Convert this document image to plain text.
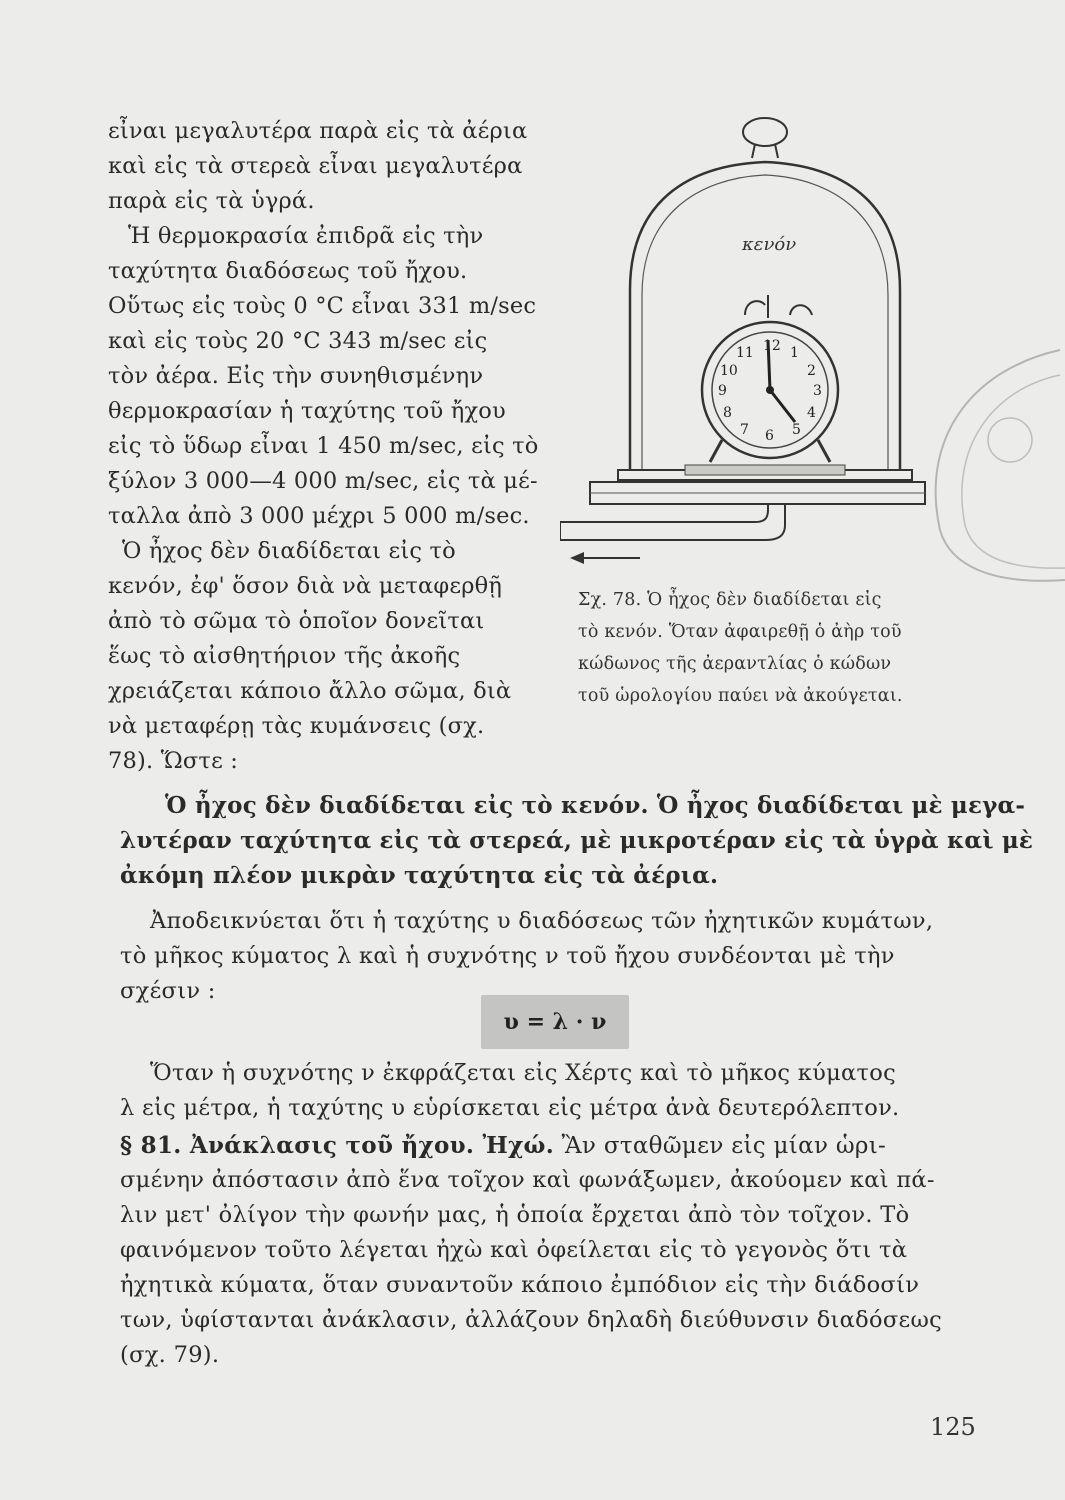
εἶναι μεγαλυτέρα παρὰ εἰς τὰ ἀέρια
καὶ εἰς τὰ στερεὰ εἶναι μεγαλυτέρα
παρὰ εἰς τὰ ὑγρά.
Ἡ θερμοκρασία ἐπιδρᾶ εἰς τὴν
ταχύτητα διαδόσεως τοῦ ἤχου.
Οὕτως εἰς τοὺς 0 °C εἶναι 331 m/sec
καὶ εἰς τοὺς 20 °C 343 m/sec εἰς
τὸν ἀέρα. Εἰς τὴν συνηθισμένην
θερμοκρασίαν ἡ ταχύτης τοῦ ἤχου
εἰς τὸ ὕδωρ εἶναι 1 450 m/sec, εἰς τὸ
ξύλον 3 000—4 000 m/sec, εἰς τὰ μέ-
ταλλα ἀπὸ 3 000 μέχρι 5 000 m/sec.
Ὁ ἦχος δὲν διαδίδεται εἰς τὸ
κενόν, ἐφ' ὅσον διὰ νὰ μεταφερθῇ
ἀπὸ τὸ σῶμα τὸ ὁποῖον δονεῖται
ἕως τὸ αἰσθητήριον τῆς ἀκοῆς
χρειάζεται κάποιο ἄλλο σῶμα, διὰ
νὰ μεταφέρῃ τὰς κυμάνσεις (σχ.
78). Ὥστε :
12 1
2
3
4
5
6
7
8
9
10
11
κενόν
Σχ. 78. Ὁ ἦχος δὲν διαδίδεται εἰς
τὸ κενόν. Ὅταν ἀφαιρεθῇ ὁ ἀὴρ τοῦ
κώδωνος τῆς ἀεραντλίας ὁ κώδων
τοῦ ὡρολογίου παύει νὰ ἀκούγεται.
Ὁ ἦχος δὲν διαδίδεται εἰς τὸ κενόν. Ὁ ἦχος διαδίδεται μὲ μεγα-
λυτέραν ταχύτητα εἰς τὰ στερεά, μὲ μικροτέραν εἰς τὰ ὑγρὰ καὶ μὲ
ἀκόμη πλέον μικρὰν ταχύτητα εἰς τὰ ἀέρια.
Ἀποδεικνύεται ὅτι ἡ ταχύτης υ διαδόσεως τῶν ἠχητικῶν κυμάτων,
τὸ μῆκος κύματος λ καὶ ἡ συχνότης ν τοῦ ἤχου συνδέονται μὲ τὴν
σχέσιν :
υ = λ · ν
Ὅταν ἡ συχνότης ν ἐκφράζεται εἰς Χέρτς καὶ τὸ μῆκος κύματος
λ εἰς μέτρα, ἡ ταχύτης υ εὑρίσκεται εἰς μέτρα ἀνὰ δευτερόλεπτον.
§ 81. Ἀνάκλασις τοῦ ἤχου. Ἠχώ. Ἂν σταθῶμεν εἰς μίαν ὡρι-
σμένην ἀπόστασιν ἀπὸ ἕνα τοῖχον καὶ φωνάξωμεν, ἀκούομεν καὶ πά-
λιν μετ' ὀλίγον τὴν φωνήν μας, ἡ ὁποία ἔρχεται ἀπὸ τὸν τοῖχον. Τὸ
φαινόμενον τοῦτο λέγεται ἠχὼ καὶ ὀφείλεται εἰς τὸ γεγονὸς ὅτι τὰ
ἠχητικὰ κύματα, ὅταν συναντοῦν κάποιο ἐμπόδιον εἰς τὴν διάδοσίν
των, ὑφίστανται ἀνάκλασιν, ἀλλάζουν δηλαδὴ διεύθυνσιν διαδόσεως
(σχ. 79).
125
